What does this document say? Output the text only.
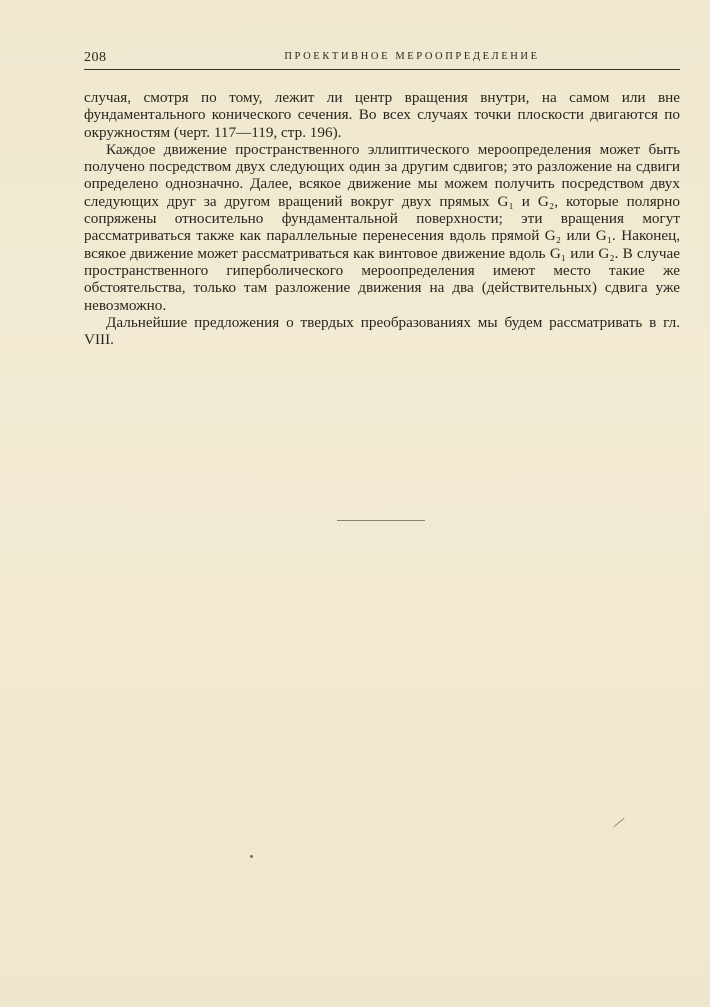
208	ПРОЕКТИВНОЕ МЕРООПРЕДЕЛЕНИЕ

случая, смотря по тому, лежит ли центр вращения внутри, на самом или вне фундаментального конического сечения. Во всех случаях точки плоскости двигаются по окружностям (черт. 117—119, стр. 196).

Каждое движение пространственного эллиптического мероопределения может быть получено посредством двух следующих один за другим сдвигов; это разложение на сдвиги определено однозначно. Далее, всякое движение мы можем получить посредством двух следующих друг за другом вращений вокруг двух прямых G₁ и G₂, которые полярно сопряжены относительно фундаментальной поверхности; эти вращения могут рассматриваться также как параллельные перенесения вдоль прямой G₂ или G₁. Наконец, всякое движение может рассматриваться как винтовое движение вдоль G₁ или G₂. В случае пространственного гиперболического мероопределения имеют место такие же обстоятельства, только там разложение движения на два (действительных) сдвига уже невозможно.

Дальнейшие предложения о твердых преобразованиях мы будем рассматривать в гл. VIII.
